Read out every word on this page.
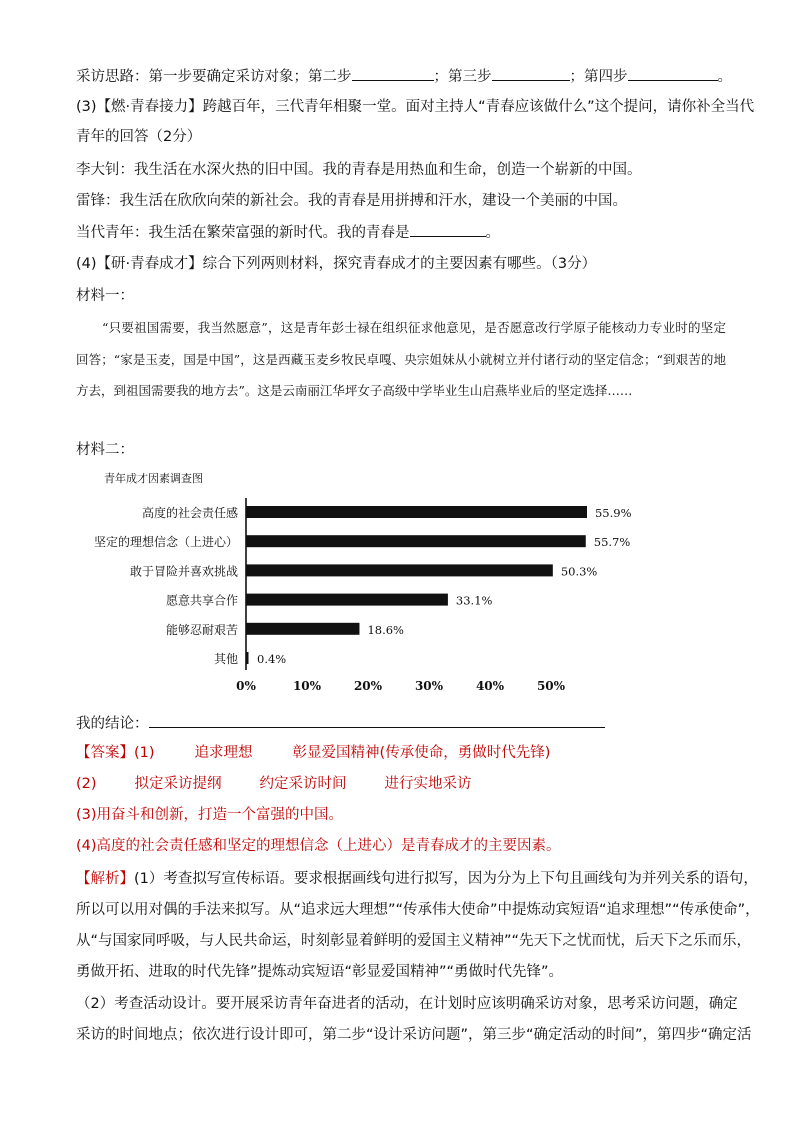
采访思路：第一步要确定采访对象；第二步	；第三步	；第四步	。
(3)【燃·青春接力】跨越百年，三代青年相聚一堂。面对主持人“青春应该做什么”这个提问，请你补全当代
青年的回答（2分）
李大钊：我生活在水深火热的旧中国。我的青春是用热血和生命，创造一个崭新的中国。
雷锋：我生活在欣欣向荣的新社会。我的青春是用拼搏和汗水，建设一个美丽的中国。
当代青年：我生活在繁荣富强的新时代。我的青春是	。
(4)【研·青春成才】综合下列两则材料，探究青春成才的主要因素有哪些。（3分）
材料一：
“只要祖国需要，我当然愿意”，这是青年彭士禄在组织征求他意见，是否愿意改行学原子能核动力专业时的坚定回答；“家是玉麦，国是中国”，这是西藏玉麦乡牧民卓嘎、央宗姐妹从小就树立并付诸行动的坚定信念；“到艰苦的地方去，到祖国需要我的地方去”。这是云南丽江华坪女子高级中学毕业生山启燕毕业后的坚定选择……
材料二：
青年成才因素调查图
高度的社会责任感
坚定的理想信念（上进心）
敢于冒险并喜欢挑战
愿意共享合作
能够忍耐艰苦
其他
55.9%
55.7%
50.3%
33.1%
18.6%
0.4%
0%	10%	20%	30%	40%	50%
我的结论：
【答案】(1)	追求理想	彰显爱国精神(传承使命，勇做时代先锋)
(2)	拟定采访提纲	约定采访时间	进行实地采访
(3)用奋斗和创新，打造一个富强的中国。
(4)高度的社会责任感和坚定的理想信念（上进心）是青春成才的主要因素。
【解析】(1）考查拟写宣传标语。要求根据画线句进行拟写，因为分为上下句且画线句为并列关系的语句，
所以可以用对偶的手法来拟写。从“追求远大理想”“传承伟大使命”中提炼动宾短语“追求理想”“传承使命”，
从“与国家同呼吸，与人民共命运，时刻彰显着鲜明的爱国主义精神”“先天下之忧而忧，后天下之乐而乐，
勇做开拓、进取的时代先锋”提炼动宾短语“彰显爱国精神”“勇做时代先锋”。
（2）考查活动设计。要开展采访青年奋进者的活动，在计划时应该明确采访对象，思考采访问题，确定
采访的时间地点；依次进行设计即可，第二步“设计采访问题”，第三步“确定活动的时间”，第四步“确定活
